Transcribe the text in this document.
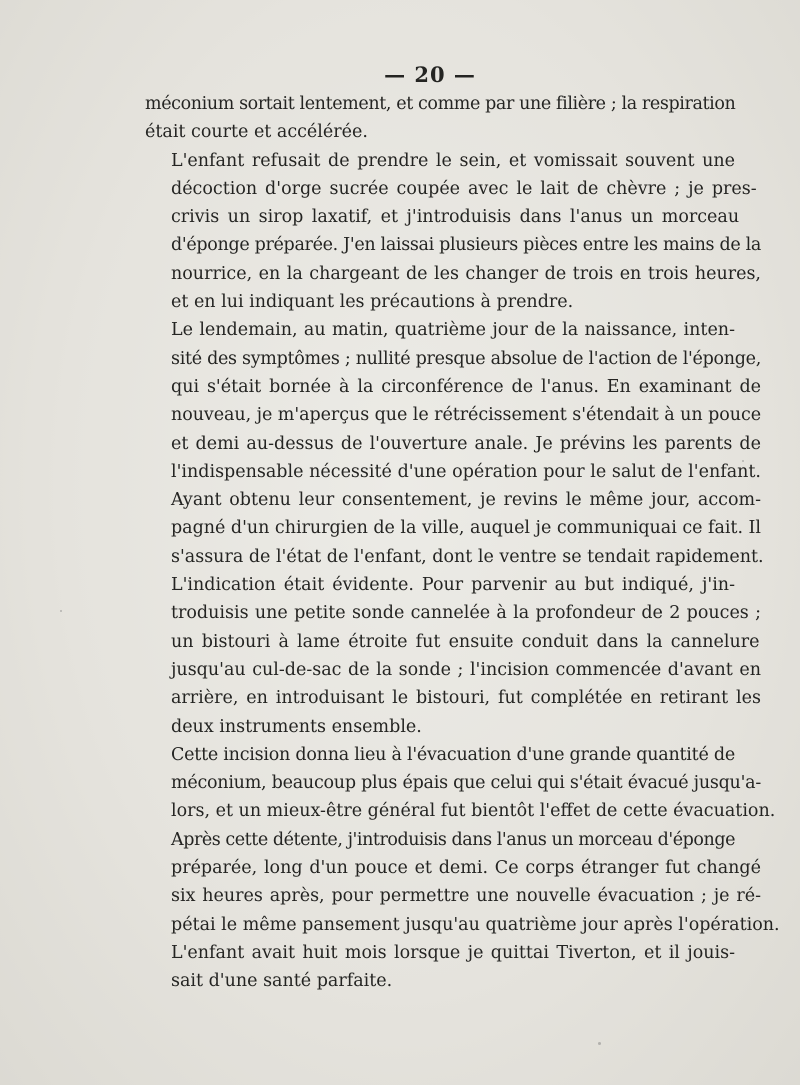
— 20 —

méconium sortait lentement, et comme par une filière ; la respiration
était courte et accélérée.

L'enfant refusait de prendre le sein, et vomissait souvent une
décoction d'orge sucrée coupée avec le lait de chèvre ; je pres-
crivis un sirop laxatif, et j'introduisis dans l'anus un morceau
d'éponge préparée. J'en laissai plusieurs pièces entre les mains de la
nourrice, en la chargeant de les changer de trois en trois heures,
et en lui indiquant les précautions à prendre.

Le lendemain, au matin, quatrième jour de la naissance, inten-
sité des symptômes ; nullité presque absolue de l'action de l'éponge,
qui s'était bornée à la circonférence de l'anus. En examinant de
nouveau, je m'aperçus que le rétrécissement s'étendait à un pouce
et demi au-dessus de l'ouverture anale. Je prévins les parents de
l'indispensable nécessité d'une opération pour le salut de l'enfant.
Ayant obtenu leur consentement, je revins le même jour, accom-
pagné d'un chirurgien de la ville, auquel je communiquai ce fait. Il
s'assura de l'état de l'enfant, dont le ventre se tendait rapidement.

L'indication était évidente. Pour parvenir au but indiqué, j'in-
troduisis une petite sonde cannelée à la profondeur de 2 pouces ;
un bistouri à lame étroite fut ensuite conduit dans la cannelure
jusqu'au cul-de-sac de la sonde ; l'incision commencée d'avant en
arrière, en introduisant le bistouri, fut complétée en retirant les
deux instruments ensemble.

Cette incision donna lieu à l'évacuation d'une grande quantité de
méconium, beaucoup plus épais que celui qui s'était évacué jusqu'a-
lors, et un mieux-être général fut bientôt l'effet de cette évacuation.

Après cette détente, j'introduisis dans l'anus un morceau d'éponge
préparée, long d'un pouce et demi. Ce corps étranger fut changé
six heures après, pour permettre une nouvelle évacuation ; je ré-
pétai le même pansement jusqu'au quatrième jour après l'opération.

L'enfant avait huit mois lorsque je quittai Tiverton, et il jouis-
sait d'une santé parfaite.
